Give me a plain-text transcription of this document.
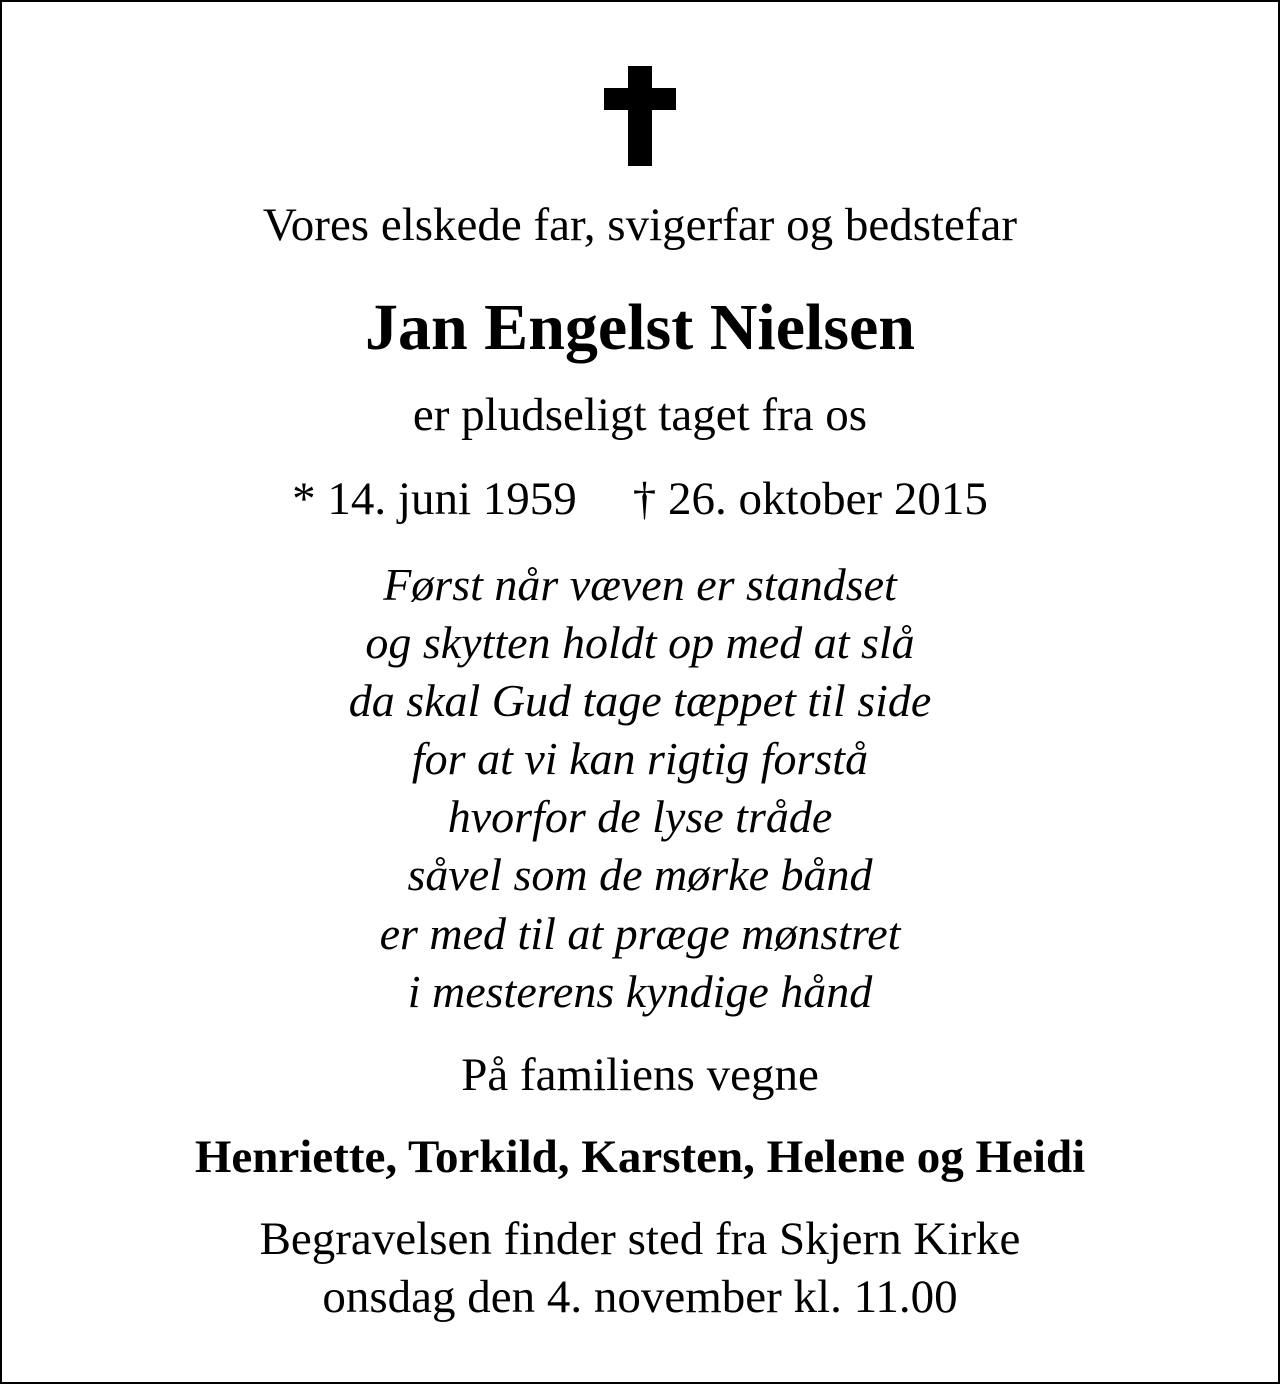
Vores elskede far, svigerfar og bedstefar
Jan Engelst Nielsen
er pludseligt taget fra os
* 14. juni 1959 † 26. oktober 2015
Først når væven er standset
og skytten holdt op med at slå
da skal Gud tage tæppet til side
for at vi kan rigtig forstå
hvorfor de lyse tråde
såvel som de mørke bånd
er med til at præge mønstret
i mesterens kyndige hånd
På familiens vegne
Henriette, Torkild, Karsten, Helene og Heidi
Begravelsen finder sted fra Skjern Kirke
onsdag den 4. november kl. 11.00
